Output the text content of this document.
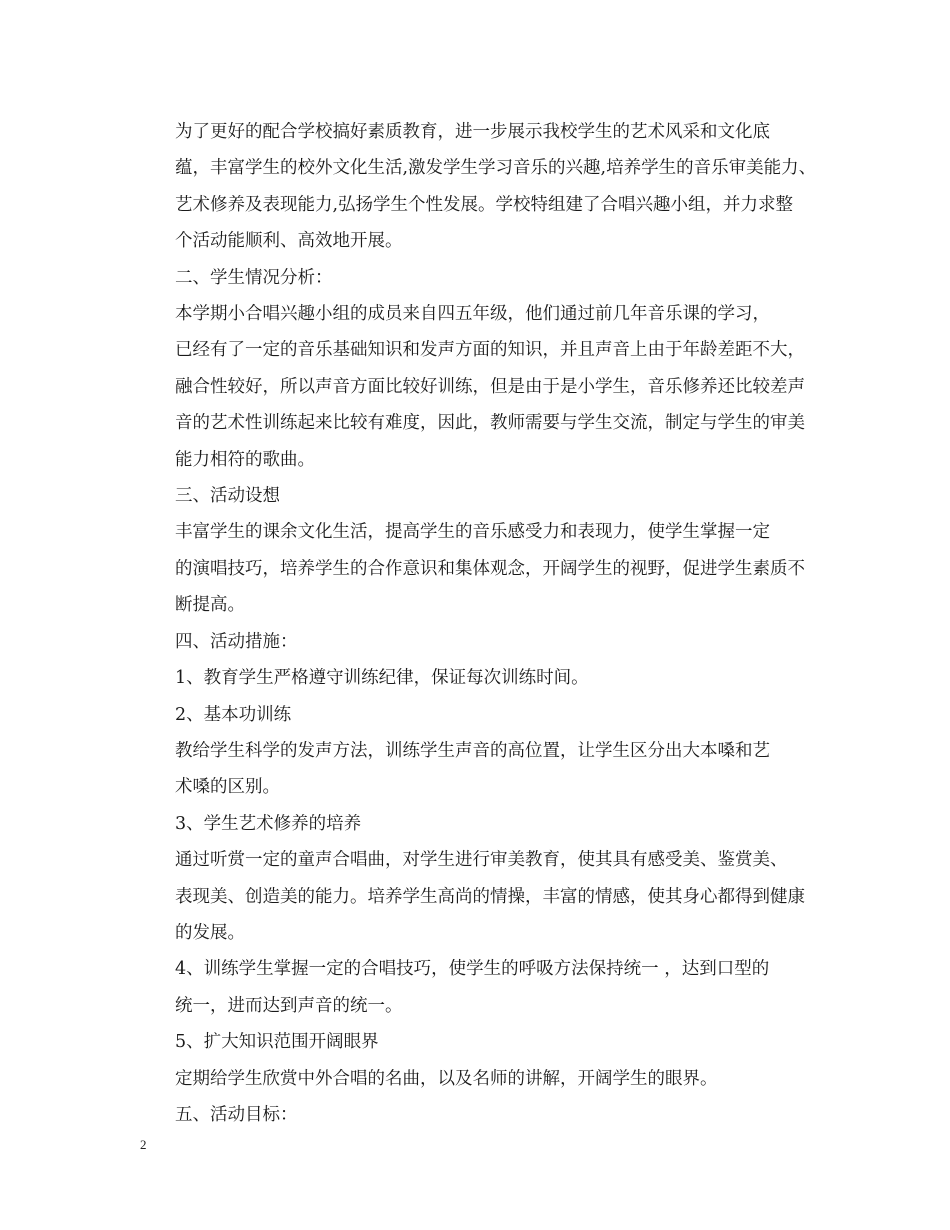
为了更好的配合学校搞好素质教育，进一步展示我校学生的艺术风采和文化底
蕴，丰富学生的校外文化生活,激发学生学习音乐的兴趣,培养学生的音乐审美能力、
艺术修养及表现能力,弘扬学生个性发展。学校特组建了合唱兴趣小组，并力求整
个活动能顺利、高效地开展。

二、学生情况分析：

本学期小合唱兴趣小组的成员来自四五年级，他们通过前几年音乐课的学习，
已经有了一定的音乐基础知识和发声方面的知识，并且声音上由于年龄差距不大，
融合性较好，所以声音方面比较好训练，但是由于是小学生，音乐修养还比较差声
音的艺术性训练起来比较有难度，因此，教师需要与学生交流，制定与学生的审美
能力相符的歌曲。

三、活动设想

丰富学生的课余文化生活，提高学生的音乐感受力和表现力，使学生掌握一定
的演唱技巧，培养学生的合作意识和集体观念，开阔学生的视野，促进学生素质不
断提高。

四、活动措施：

1、教育学生严格遵守训练纪律，保证每次训练时间。

2、基本功训练

教给学生科学的发声方法，训练学生声音的高位置，让学生区分出大本嗓和艺
术嗓的区别。

3、学生艺术修养的培养

通过听赏一定的童声合唱曲，对学生进行审美教育，使其具有感受美、鉴赏美、
表现美、创造美的能力。培养学生高尚的情操，丰富的情感，使其身心都得到健康
的发展。

4、训练学生掌握一定的合唱技巧，使学生的呼吸方法保持统一 ，达到口型的
统一，进而达到声音的统一。

5、扩大知识范围开阔眼界

定期给学生欣赏中外合唱的名曲，以及名师的讲解，开阔学生的眼界。

五、活动目标：

2
